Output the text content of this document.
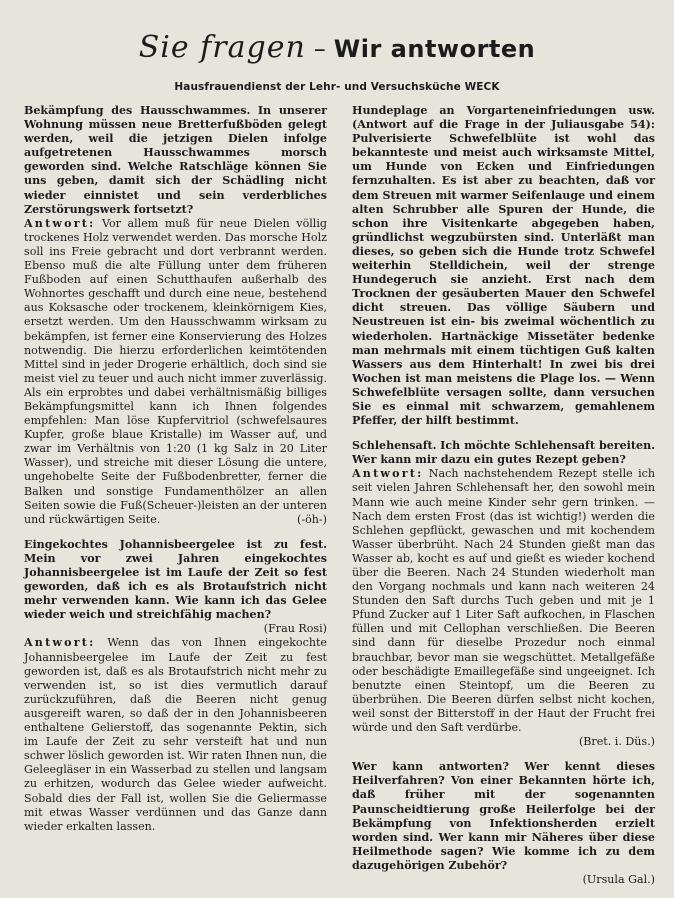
Sie fragen – Wir antworten
Hausfrauendienst der Lehr- und Versuchsküche WECK

Bekämpfung des Hausschwammes. In unserer Wohnung müssen neue Bretterfußböden gelegt werden, weil die jetzigen Dielen infolge aufgetretenen Hausschwammes morsch geworden sind. Welche Ratschläge können Sie uns geben, damit sich der Schädling nicht wieder einnistet und sein verderbliches Zerstörungswerk fortsetzt?

Antwort: Vor allem muß für neue Dielen völlig trockenes Holz verwendet werden. Das morsche Holz soll ins Freie gebracht und dort verbrannt werden. Ebenso muß die alte Füllung unter dem früheren Fußboden auf einen Schutthaufen außerhalb des Wohnortes geschafft und durch eine neue, bestehend aus Koksasche oder trockenem, kleinkörnigem Kies, ersetzt werden. Um den Hausschwamm wirksam zu bekämpfen, ist ferner eine Konservierung des Holzes notwendig. Die hierzu erforderlichen keimtötenden Mittel sind in jeder Drogerie erhältlich, doch sind sie meist viel zu teuer und auch nicht immer zuverlässig. Als ein erprobtes und dabei verhältnismäßig billiges Bekämpfungsmittel kann ich Ihnen folgendes empfehlen: Man löse Kupfervitriol (schwefelsaures Kupfer, große blaue Kristalle) im Wasser auf, und zwar im Verhältnis von 1:20 (1 kg Salz in 20 Liter Wasser), und streiche mit dieser Lösung die untere, ungehobelte Seite der Fußbodenbretter, ferner die Balken und sonstige Fundamenthölzer an allen Seiten sowie die Fuß(Scheuer-)leisten an der unteren und rückwärtigen Seite.	(-öh-)

Eingekochtes Johannisbeergelee ist zu fest. Mein vor zwei Jahren eingekochtes Johannisbeergelee ist im Laufe der Zeit so fest geworden, daß ich es als Brotaufstrich nicht mehr verwenden kann. Wie kann ich das Gelee wieder weich und streichfähig machen?
(Frau Rosi)

Antwort: Wenn das von Ihnen eingekochte Johannisbeergelee im Laufe der Zeit zu fest geworden ist, daß es als Brotaufstrich nicht mehr zu verwenden ist, so ist dies vermutlich darauf zurückzuführen, daß die Beeren nicht genug ausgereift waren, so daß der in den Johannisbeeren enthaltene Gelierstoff, das sogenannte Pektin, sich im Laufe der Zeit zu sehr versteift hat und nun schwer löslich geworden ist. Wir raten Ihnen nun, die Geleegläser in ein Wasserbad zu stellen und langsam zu erhitzen, wodurch das Gelee wieder aufweicht. Sobald dies der Fall ist, wollen Sie die Geliermasse mit etwas Wasser verdünnen und das Ganze dann wieder erkalten lassen.

Hundeplage an Vorgarteneinfriedungen usw. (Antwort auf die Frage in der Juliausgabe 54): Pulverisierte Schwefelblüte ist wohl das bekannteste und meist auch wirksamste Mittel, um Hunde von Ecken und Einfriedungen fernzuhalten. Es ist aber zu beachten, daß vor dem Streuen mit warmer Seifenlauge und einem alten Schrubber alle Spuren der Hunde, die schon ihre Visitenkarte abgegeben haben, gründlichst wegzubürsten sind. Unterläßt man dieses, so geben sich die Hunde trotz Schwefel weiterhin Stelldichein, weil der strenge Hundegeruch sie anzieht. Erst nach dem Trocknen der gesäuberten Mauer den Schwefel dicht streuen. Das völlige Säubern und Neustreuen ist ein- bis zweimal wöchentlich zu wiederholen. Hartnäckige Missetäter bedenke man mehrmals mit einem tüchtigen Guß kalten Wassers aus dem Hinterhalt! In zwei bis drei Wochen ist man meistens die Plage los. — Wenn Schwefelblüte versagen sollte, dann versuchen Sie es einmal mit schwarzem, gemahlenem Pfeffer, der hilft bestimmt.

Schlehensaft. Ich möchte Schlehensaft bereiten. Wer kann mir dazu ein gutes Rezept geben?

Antwort: Nach nachstehendem Rezept stelle ich seit vielen Jahren Schlehensaft her, den sowohl mein Mann wie auch meine Kinder sehr gern trinken. — Nach dem ersten Frost (das ist wichtig!) werden die Schlehen gepflückt, gewaschen und mit kochendem Wasser überbrüht. Nach 24 Stunden gießt man das Wasser ab, kocht es auf und gießt es wieder kochend über die Beeren. Nach 24 Stunden wiederholt man den Vorgang nochmals und kann nach weiteren 24 Stunden den Saft durchs Tuch geben und mit je 1 Pfund Zucker auf 1 Liter Saft aufkochen, in Flaschen füllen und mit Cellophan verschließen. Die Beeren sind dann für dieselbe Prozedur noch einmal brauchbar, bevor man sie wegschüttet. Metallgefäße oder beschädigte Emaillegefäße sind ungeeignet. Ich benutzte einen Steintopf, um die Beeren zu überbrühen. Die Beeren dürfen selbst nicht kochen, weil sonst der Bitterstoff in der Haut der Frucht frei würde und den Saft verdürbe.
(Bret. i. Düs.)

Wer kann antworten? Wer kennt dieses Heilverfahren? Von einer Bekannten hörte ich, daß früher mit der sogenannten Paunscheidtierung große Heilerfolge bei der Bekämpfung von Infektionsherden erzielt worden sind. Wer kann mir Näheres über diese Heilmethode sagen? Wie komme ich zu dem dazugehörigen Zubehör?
(Ursula Gal.)
